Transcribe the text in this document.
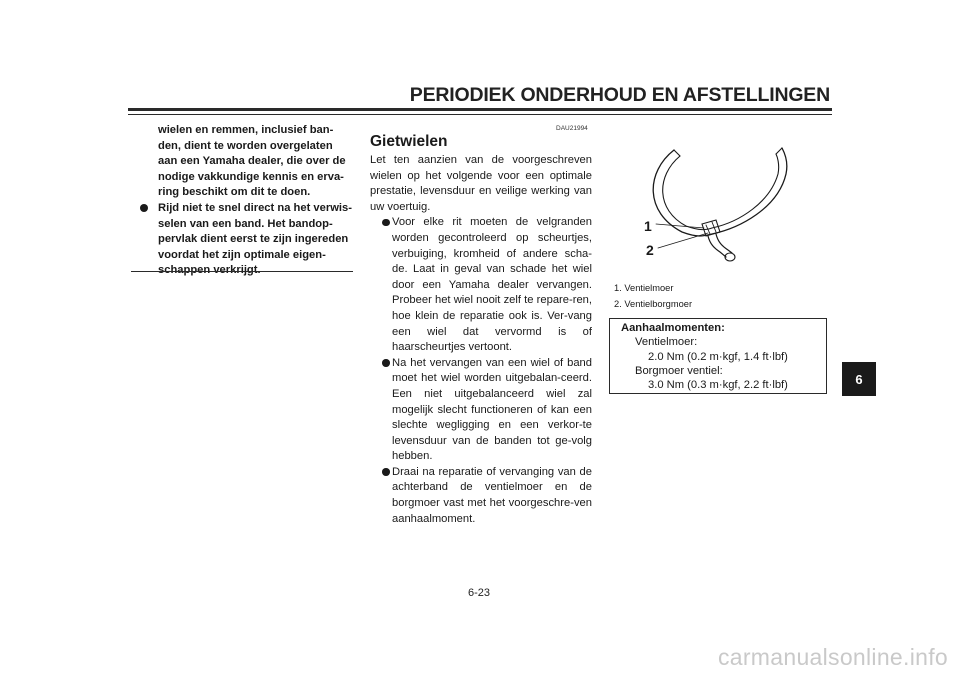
PERIODIEK ONDERHOUD EN AFSTELLINGEN

wielen en remmen, inclusief ban-

den, dient te worden overgelaten

aan een Yamaha dealer, die over de

nodige vakkundige kennis en erva-

ring beschikt om dit te doen.

Rijd niet te snel direct na het verwis-

selen van een band. Het bandop-

pervlak dient eerst te zijn ingereden

voordat het zijn optimale eigen-

DAU21994
Gietwielen

Let ten aanzien van de voorgeschreven wielen op het volgende voor een optimale prestatie, levensduur en veilige werking van uw voertuig.

Voor elke rit moeten de velgranden worden gecontroleerd op scheurtjes, verbuiging, kromheid of andere scha-de. Laat in geval van schade het wiel door een Yamaha dealer vervangen. Probeer het wiel nooit zelf te repare-ren, hoe klein de reparatie ook is. Ver-vang een wiel dat vervormd is of haarscheurtjes vertoont.
Na het vervangen van een wiel of band moet het wiel worden uitgebalan-ceerd. Een niet uitgebalanceerd wiel zal mogelijk slecht functioneren of kan een slechte wegligging en een verkor-te levensduur van de banden tot ge-volg hebben.
Draai na reparatie of vervanging van de achterband de ventielmoer en de borgmoer vast met het voorgeschre-ven aanhaalmoment.
1
2
1. Ventielmoer
2. Ventielborgmoer
Aanhaalmomenten:
Ventielmoer:
2.0 Nm (0.2 m·kgf, 1.4 ft·lbf)
Borgmoer ventiel:
3.0 Nm (0.3 m·kgf, 2.2 ft·lbf)	6
6-23
carmanualsonline.info
